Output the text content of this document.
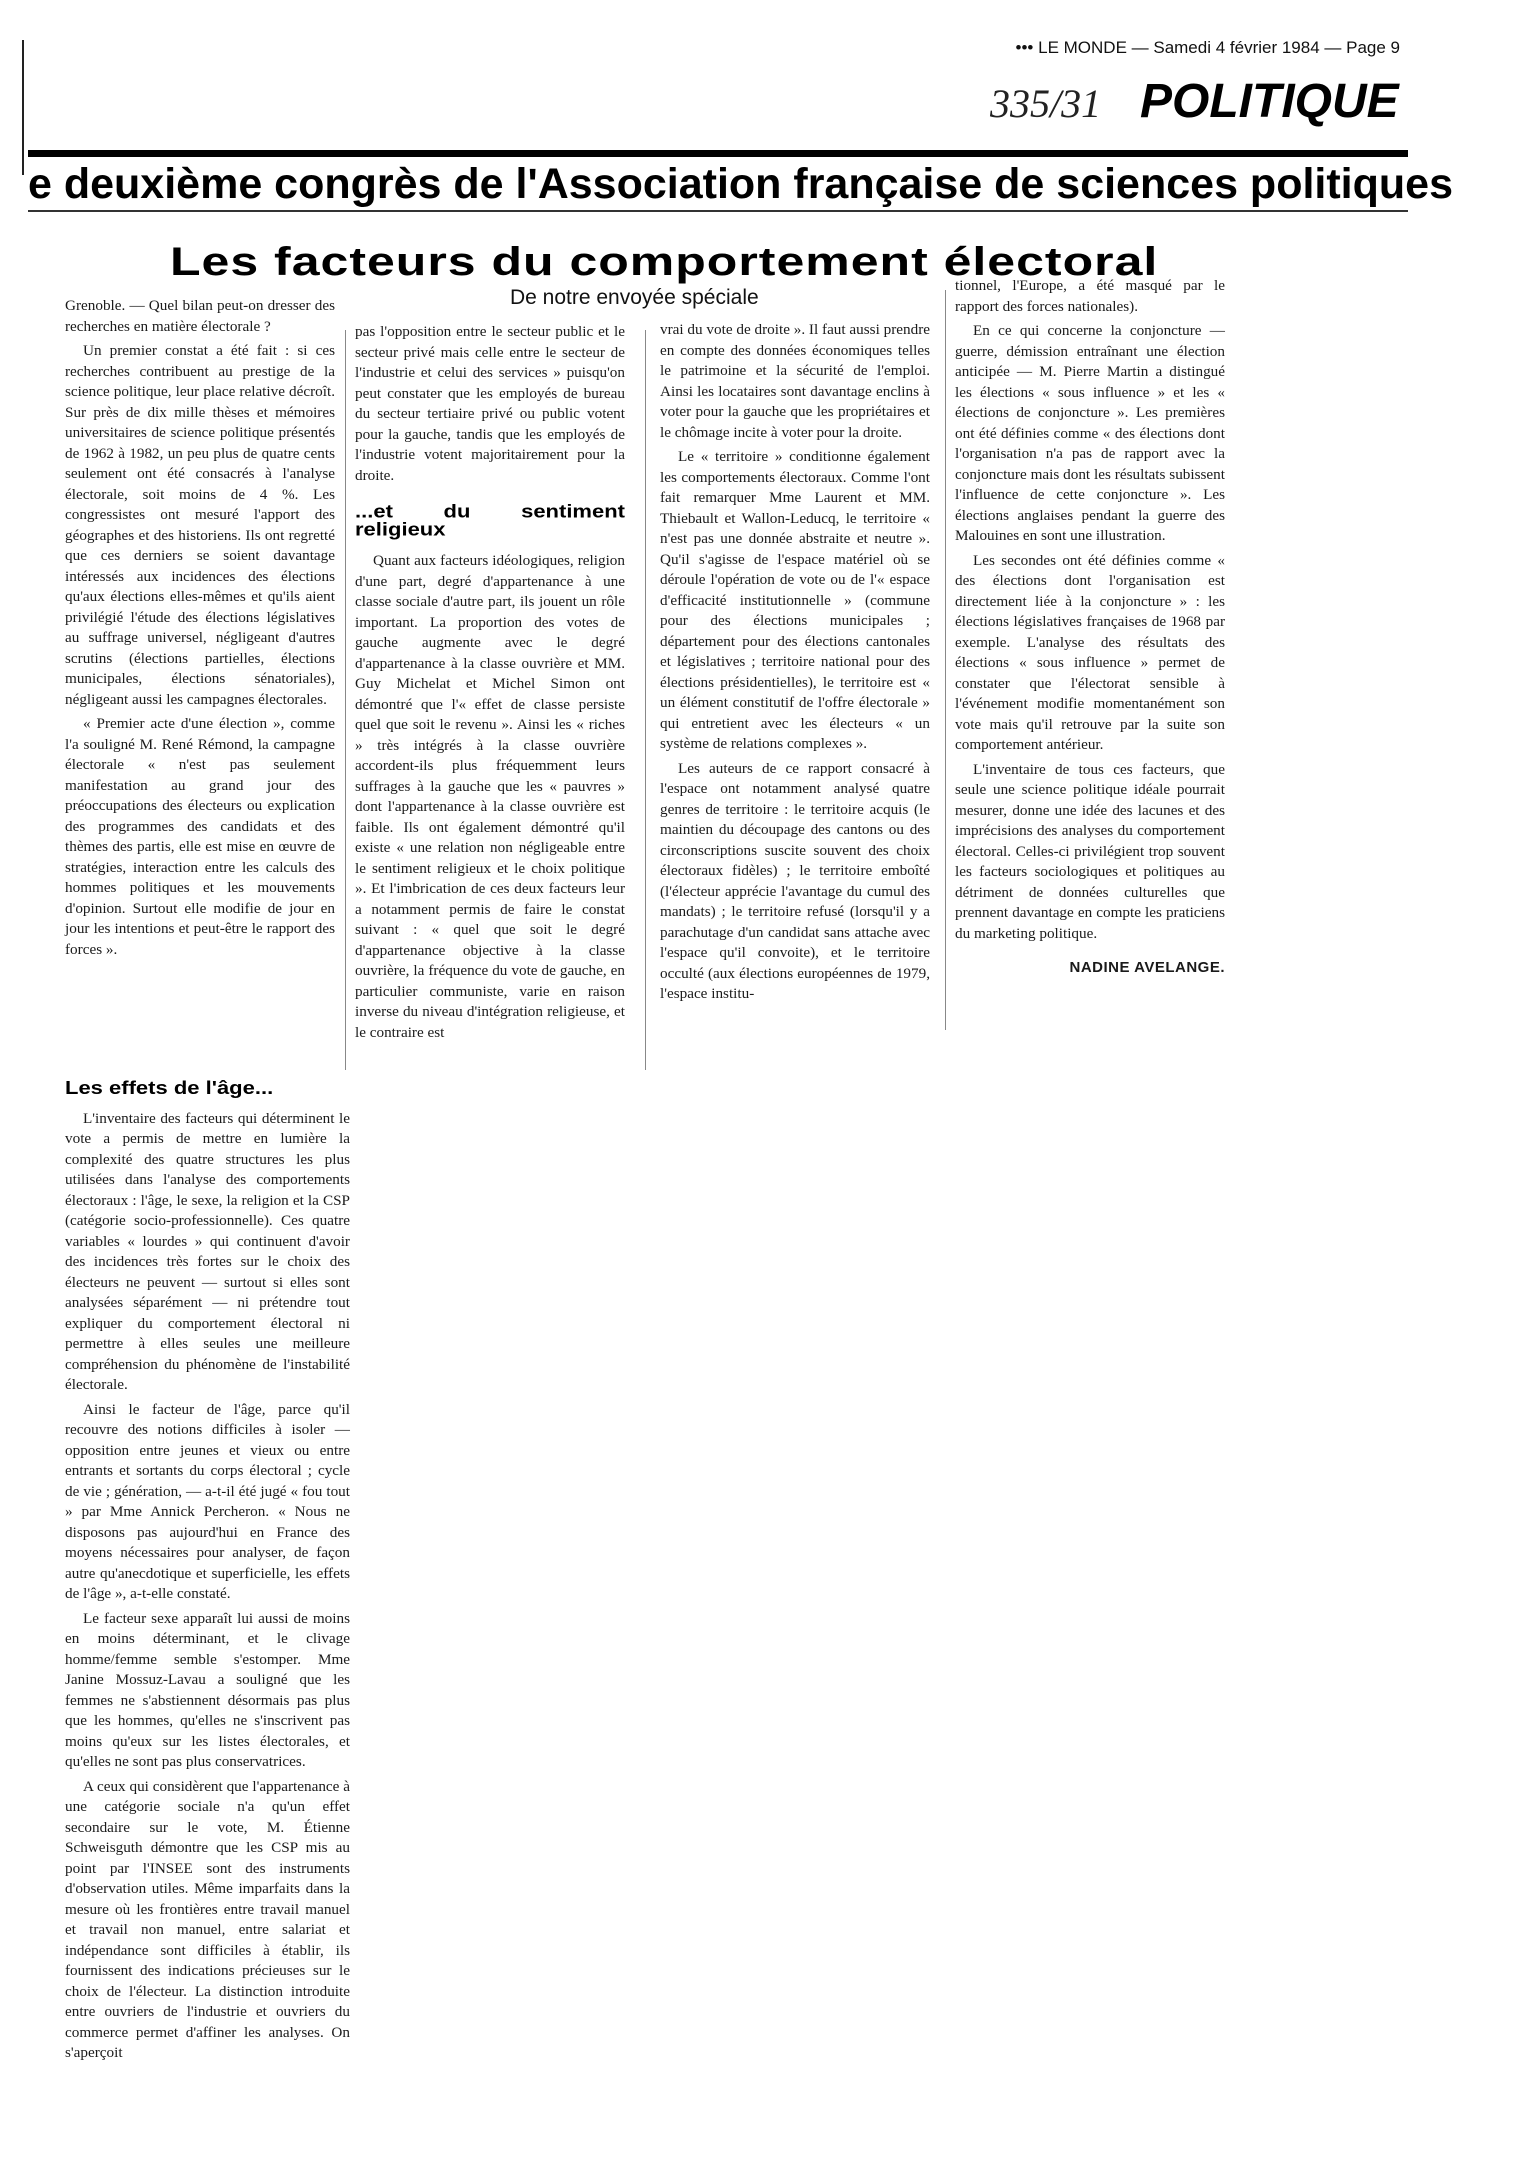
••• LE MONDE — Samedi 4 février 1984 — Page 9
335/31 POLITIQUE
e deuxième congrès de l'Association française de sciences politiques
Les facteurs du comportement électoral
De notre envoyée spéciale

Grenoble. — Quel bilan peut-on dresser des recherches en matière électorale ?

Un premier constat a été fait : si ces recherches contribuent au prestige de la science politique, leur place relative décroît. Sur près de dix mille thèses et mémoires universitaires de science politique présentés de 1962 à 1982, un peu plus de quatre cents seulement ont été consacrés à l'analyse électorale, soit moins de 4 %. Les congressistes ont mesuré l'apport des géographes et des historiens. Ils ont regretté que ces derniers se soient davantage intéressés aux incidences des élections qu'aux élections elles-mêmes et qu'ils aient privilégié l'étude des élections législatives au suffrage universel, négligeant d'autres scrutins (élections partielles, élections municipales, élections sénatoriales), négligeant aussi les campagnes électorales.

« Premier acte d'une élection », comme l'a souligné M. René Rémond, la campagne électorale « n'est pas seulement manifestation au grand jour des préoccupations des électeurs ou explication des programmes des candidats et des thèmes des partis, elle est mise en œuvre de stratégies, interaction entre les calculs des hommes politiques et les mouvements d'opinion. Surtout elle modifie de jour en jour les intentions et peut-être le rapport des forces ».

pas l'opposition entre le secteur public et le secteur privé mais celle entre le secteur de l'industrie et celui des services » puisqu'on peut constater que les employés de bureau du secteur tertiaire privé ou public votent pour la gauche, tandis que les employés de l'industrie votent majoritairement pour la droite.

...et du sentiment religieux

Quant aux facteurs idéologiques, religion d'une part, degré d'appartenance à une classe sociale d'autre part, ils jouent un rôle important. La proportion des votes de gauche augmente avec le degré d'appartenance à la classe ouvrière et MM. Guy Michelat et Michel Simon ont démontré que l'« effet de classe persiste quel que soit le revenu ». Ainsi les « riches » très intégrés à la classe ouvrière accordent-ils plus fréquemment leurs suffrages à la gauche que les « pauvres » dont l'appartenance à la classe ouvrière est faible. Ils ont également démontré qu'il existe « une relation non négligeable entre le sentiment religieux et le choix politique ». Et l'imbrication de ces deux facteurs leur a notamment permis de faire le constat suivant : « quel que soit le degré d'appartenance objective à la classe ouvrière, la fréquence du vote de gauche, en particulier communiste, varie en raison inverse du niveau d'intégration religieuse, et le contraire est

vrai du vote de droite ». Il faut aussi prendre en compte des données économiques telles le patrimoine et la sécurité de l'emploi. Ainsi les locataires sont davantage enclins à voter pour la gauche que les propriétaires et le chômage incite à voter pour la droite.

Le « territoire » conditionne également les comportements électoraux. Comme l'ont fait remarquer Mme Laurent et MM. Thiebault et Wallon-Leducq, le territoire « n'est pas une donnée abstraite et neutre ». Qu'il s'agisse de l'espace matériel où se déroule l'opération de vote ou de l'« espace d'efficacité institutionnelle » (commune pour des élections municipales ; département pour des élections cantonales et législatives ; territoire national pour des élections présidentielles), le territoire est « un élément constitutif de l'offre électorale » qui entretient avec les électeurs « un système de relations complexes ».

Les auteurs de ce rapport consacré à l'espace ont notamment analysé quatre genres de territoire : le territoire acquis (le maintien du découpage des cantons ou des circonscriptions suscite souvent des choix électoraux fidèles) ; le territoire emboîté (l'électeur apprécie l'avantage du cumul des mandats) ; le territoire refusé (lorsqu'il y a parachutage d'un candidat sans attache avec l'espace qu'il convoite), et le territoire occulté (aux élections européennes de 1979, l'espace institu-

tionnel, l'Europe, a été masqué par le rapport des forces nationales).

En ce qui concerne la conjoncture — guerre, démission entraînant une élection anticipée — M. Pierre Martin a distingué les élections « sous influence » et les « élections de conjoncture ». Les premières ont été définies comme « des élections dont l'organisation n'a pas de rapport avec la conjoncture mais dont les résultats subissent l'influence de cette conjoncture ». Les élections anglaises pendant la guerre des Malouines en sont une illustration.

Les secondes ont été définies comme « des élections dont l'organisation est directement liée à la conjoncture » : les élections législatives françaises de 1968 par exemple. L'analyse des résultats des élections « sous influence » permet de constater que l'électorat sensible à l'événement modifie momentanément son vote mais qu'il retrouve par la suite son comportement antérieur.

L'inventaire de tous ces facteurs, que seule une science politique idéale pourrait mesurer, donne une idée des lacunes et des imprécisions des analyses du comportement électoral. Celles-ci privilégient trop souvent les facteurs sociologiques et politiques au détriment de données culturelles que prennent davantage en compte les praticiens du marketing politique.

NADINE AVELANGE.
Les effets de l'âge...

L'inventaire des facteurs qui déterminent le vote a permis de mettre en lumière la complexité des quatre structures les plus utilisées dans l'analyse des comportements électoraux : l'âge, le sexe, la religion et la CSP (catégorie socio-professionnelle). Ces quatre variables « lourdes » qui continuent d'avoir des incidences très fortes sur le choix des électeurs ne peuvent — surtout si elles sont analysées séparément — ni prétendre tout expliquer du comportement électoral ni permettre à elles seules une meilleure compréhension du phénomène de l'instabilité électorale.

Ainsi le facteur de l'âge, parce qu'il recouvre des notions difficiles à isoler — opposition entre jeunes et vieux ou entre entrants et sortants du corps électoral ; cycle de vie ; génération, — a-t-il été jugé « fou tout » par Mme Annick Percheron. « Nous ne disposons pas aujourd'hui en France des moyens nécessaires pour analyser, de façon autre qu'anecdotique et superficielle, les effets de l'âge », a-t-elle constaté.

Le facteur sexe apparaît lui aussi de moins en moins déterminant, et le clivage homme/femme semble s'estomper. Mme Janine Mossuz-Lavau a souligné que les femmes ne s'abstiennent désormais pas plus que les hommes, qu'elles ne s'inscrivent pas moins qu'eux sur les listes électorales, et qu'elles ne sont pas plus conservatrices.

A ceux qui considèrent que l'appartenance à une catégorie sociale n'a qu'un effet secondaire sur le vote, M. Étienne Schweisguth démontre que les CSP mis au point par l'INSEE sont des instruments d'observation utiles. Même imparfaits dans la mesure où les frontières entre travail manuel et travail non manuel, entre salariat et indépendance sont difficiles à établir, ils fournissent des indications précieuses sur le choix de l'électeur. La distinction introduite entre ouvriers de l'industrie et ouvriers du commerce permet d'affiner les analyses. On s'aperçoit
